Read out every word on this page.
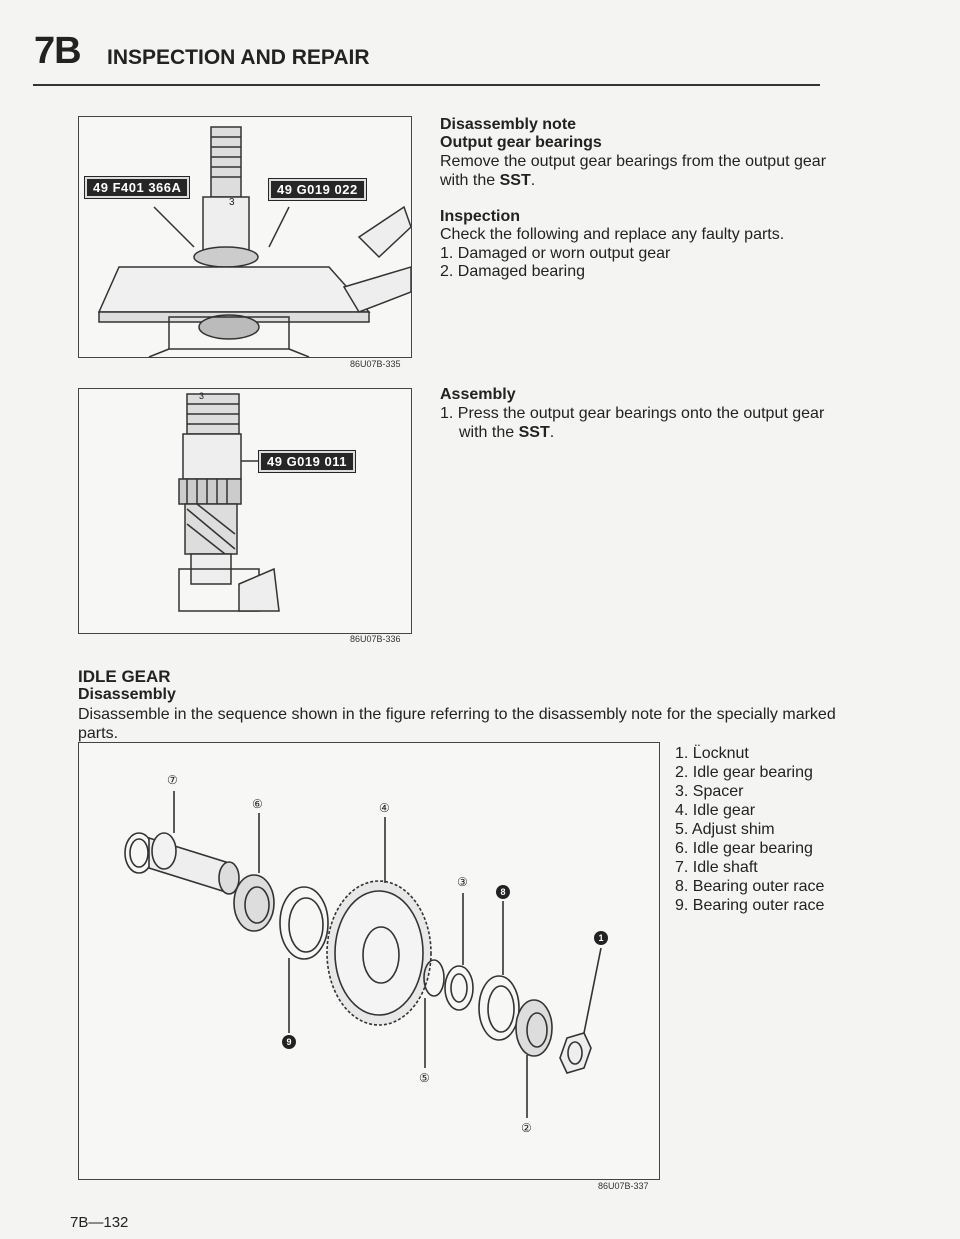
7B INSPECTION AND REPAIR
49 F401 366A	49 G019 022
3
86U07B-335
49 G019 011
3
86U07B-336
Disassembly note
Output gear bearings
Remove the output gear bearings from the output gear with the SST.
Inspection
Check the following and replace any faulty parts.
1. Damaged or worn output gear
2. Damaged bearing
Assembly
1. Press the output gear bearings onto the output gear with the SST.
IDLE GEAR
Disassembly
Disassemble in the sequence shown in the figure referring to the disassembly note for the specially marked parts.
⑦
⑥	④
③
8
1
9
⑤
②
86U07B-337
1. L̈ocknut
2. Idle gear bearing
3. Spacer
4. Idle gear
5. Adjust shim
6. Idle gear bearing
7. Idle shaft
8. Bearing outer race
9. Bearing outer race
7B—132
